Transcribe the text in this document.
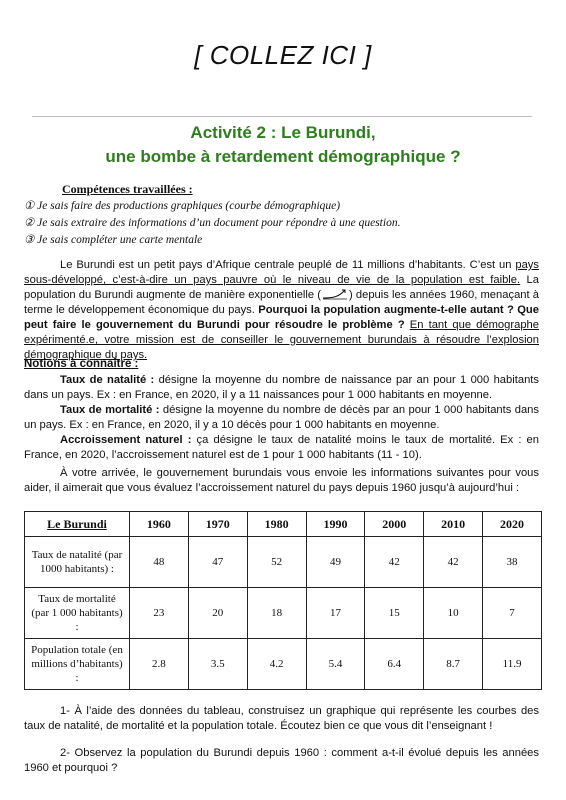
[ COLLEZ ICI ]
Activité 2 : Le Burundi,
une bombe à retardement démographique ?
Compétences travaillées :
① Je sais faire des productions graphiques (courbe démographique)
② Je sais extraire des informations d’un document pour répondre à une question.
③ Je sais compléter une carte mentale
Le Burundi est un petit pays d’Afrique centrale peuplé de 11 millions d’habitants. C’est un pays sous-développé, c’est-à-dire un pays pauvre où le niveau de vie de la population est faible. La population du Burundi augmente de manière exponentielle (	) depuis les années 1960, menaçant à terme le développement économique du pays. Pourquoi la population augmente-t-elle autant ? Que peut faire le gouvernement du Burundi pour résoudre le problème ? En tant que démographe expérimenté.e, votre mission est de conseiller le gouvernement burundais à résoudre l’explosion démographique du pays.
Notions à connaître :
Taux de natalité : désigne la moyenne du nombre de naissance par an pour 1 000 habitants dans un pays. Ex : en France, en 2020, il y a 11 naissances pour 1 000 habitants en moyenne.
Taux de mortalité : désigne la moyenne du nombre de décès par an pour 1 000 habitants dans un pays. Ex : en France, en 2020, il y a 10 décès pour 1 000 habitants en moyenne.
Accroissement naturel : ça désigne le taux de natalité moins le taux de mortalité. Ex : en France, en 2020, l’accroissement naturel est de 1 pour 1 000 habitants (11 - 10).
À votre arrivée, le gouvernement burundais vous envoie les informations suivantes pour vous aider, il aimerait que vous évaluez l’accroissement naturel du pays depuis 1960 jusqu’à aujourd’hui :
Le Burundi	1960	1970	1980	1990	2000	2010	2020
Taux de natalité (par 1000 habitants) :	48	47	52	49	42	42	38
Taux de mortalité (par 1 000 habitants) :	23	20	18	17	15	10	7
Population totale (en millions d’habitants) :	2.8	3.5	4.2	5.4	6.4	8.7	11.9
1- À l’aide des données du tableau, construisez un graphique qui représente les courbes des taux de natalité, de mortalité et la population totale. Écoutez bien ce que vous dit l’enseignant !
2- Observez la population du Burundi depuis 1960 : comment a-t-il évolué depuis les années 1960 et pourquoi ?
